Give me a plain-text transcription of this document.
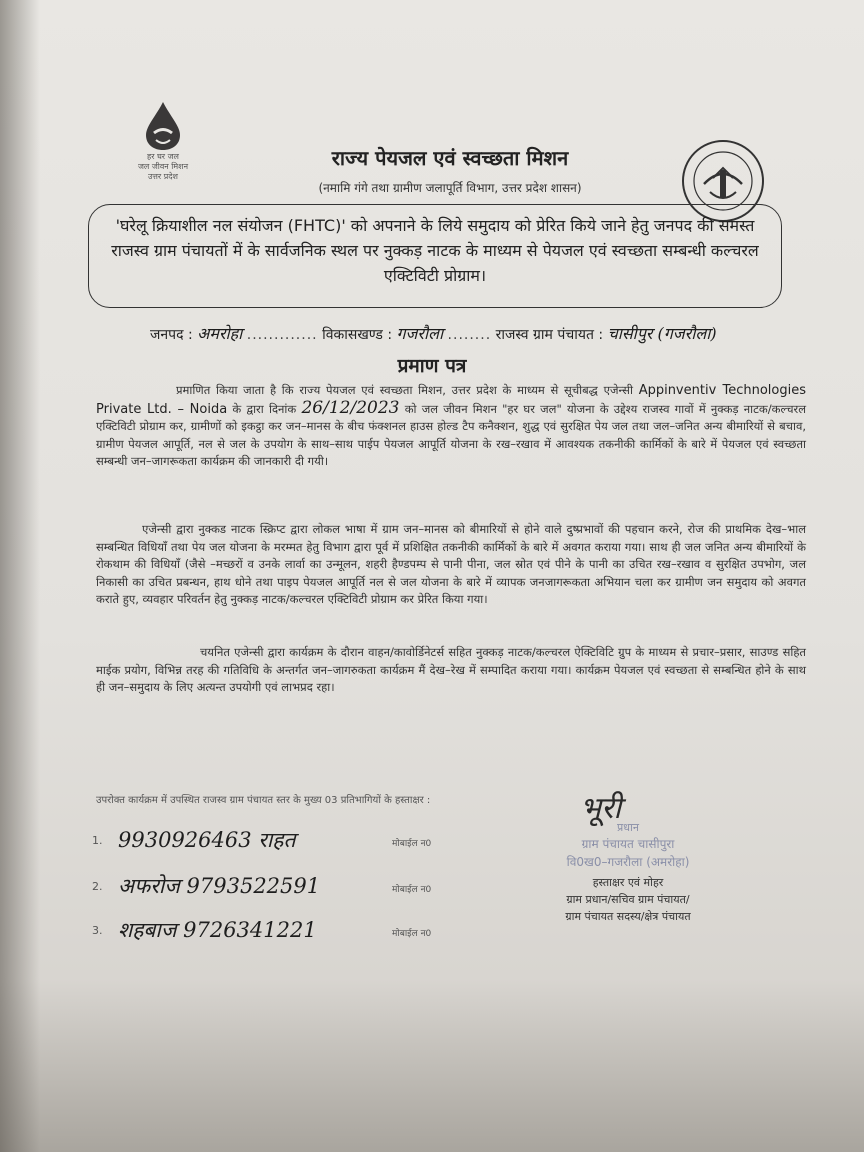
हर घर जल
जल जीवन मिशन
उत्तर प्रदेश
राज्य पेयजल एवं स्वच्छता मिशन
(नमामि गंगे तथा ग्रामीण जलापूर्ति विभाग, उत्तर प्रदेश शासन)
'घरेलू क्रियाशील नल संयोजन (FHTC)' को अपनाने के लिये समुदाय को प्रेरित किये जाने हेतु जनपद की समस्त राजस्व ग्राम पंचायतों में के सार्वजनिक स्थल पर नुक्कड़ नाटक के माध्यम से पेयजल एवं स्वच्छता सम्बन्धी कल्चरल एक्टिविटी प्रोग्राम।
जनपद : अमरोहा ............. विकासखण्ड : गजरौला ........ राजस्व ग्राम पंचायत : चासीपुर (गजरौला)
प्रमाण पत्र
प्रमाणित किया जाता है कि राज्य पेयजल एवं स्वच्छता मिशन, उत्तर प्रदेश के माध्यम से सूचीबद्ध एजेन्सी Appinventiv Technologies Private Ltd. – Noida के द्वारा दिनांक 26/12/2023 को जल जीवन मिशन "हर घर जल" योजना के उद्देश्य राजस्व गावों में नुक्कड़ नाटक/कल्चरल एक्टिविटी प्रोग्राम कर, ग्रामीणों को इकट्ठा कर जन–मानस के बीच फंक्शनल हाउस होल्ड टैप कनैक्शन, शुद्ध एवं सुरक्षित पेय जल तथा जल–जनित अन्य बीमारियों से बचाव, ग्रामीण पेयजल आपूर्ति, नल से जल के उपयोग के साथ–साथ पाईप पेयजल आपूर्ति योजना के रख–रखाव में आवश्यक तकनीकी कार्मिकों के बारे में पेयजल एवं स्वच्छता सम्बन्धी जन–जागरूकता कार्यक्रम की जानकारी दी गयी।
एजेन्सी द्वारा नुक्कड नाटक स्क्रिप्ट द्वारा लोकल भाषा में ग्राम जन–मानस को बीमारियों से होने वाले दुष्प्रभावों की पहचान करने, रोज की प्राथमिक देख–भाल सम्बन्धित विधियाँ तथा पेय जल योजना के मरम्मत हेतु विभाग द्वारा पूर्व में प्रशिक्षित तकनीकी कार्मिकों के बारे में अवगत कराया गया। साथ ही जल जनित अन्य बीमारियों के रोकथाम की विधियाँ (जैसे –मच्छरों व उनके लार्वा का उन्मूलन, शहरी हैण्डपम्प से पानी पीना, जल स्रोत एवं पीने के पानी का उचित रख–रखाव व सुरक्षित उपभोग, जल निकासी का उचित प्रबन्धन, हाथ धोने तथा पाइप पेयजल आपूर्ति नल से जल योजना के बारे में व्यापक जनजागरूकता अभियान चला कर ग्रामीण जन समुदाय को अवगत कराते हुए, व्यवहार परिवर्तन हेतु नुक्कड़ नाटक/कल्चरल एक्टिविटी प्रोग्राम कर प्रेरित किया गया।
चयनित एजेन्सी द्वारा कार्यक्रम के दौरान वाहन/कावोर्डिनेटर्स सहित नुक्कड़ नाटक/कल्चरल ऐक्टिविटि ग्रुप के माध्यम से प्रचार–प्रसार, साउण्ड सहित माईक प्रयोग, विभिन्न तरह की गतिविधि के अन्तर्गत जन–जागरुकता कार्यक्रम मैं देख–रेख में सम्पादित कराया गया। कार्यक्रम पेयजल एवं स्वच्छता से सम्बन्धित होने के साथ ही जन–समुदाय के लिए अत्यन्त उपयोगी एवं लाभप्रद रहा।
उपरोक्त कार्यक्रम में उपस्थित राजस्व ग्राम पंचायत स्तर के मुख्य 03 प्रतिभागियों के हस्ताक्षर :
1. 9930926463 राहत	मोबाईल न0
2. अफरोज 9793522591	मोबाईल न0
3. शहबाज 9726341221	मोबाईल न0
भूरी
प्रधान
ग्राम पंचायत चासीपुरा
वि0ख0–गजरौला (अमरोहा)
हस्ताक्षर एवं मोहर
ग्राम प्रधान/सचिव ग्राम पंचायत/
ग्राम पंचायत सदस्य/क्षेत्र पंचायत
